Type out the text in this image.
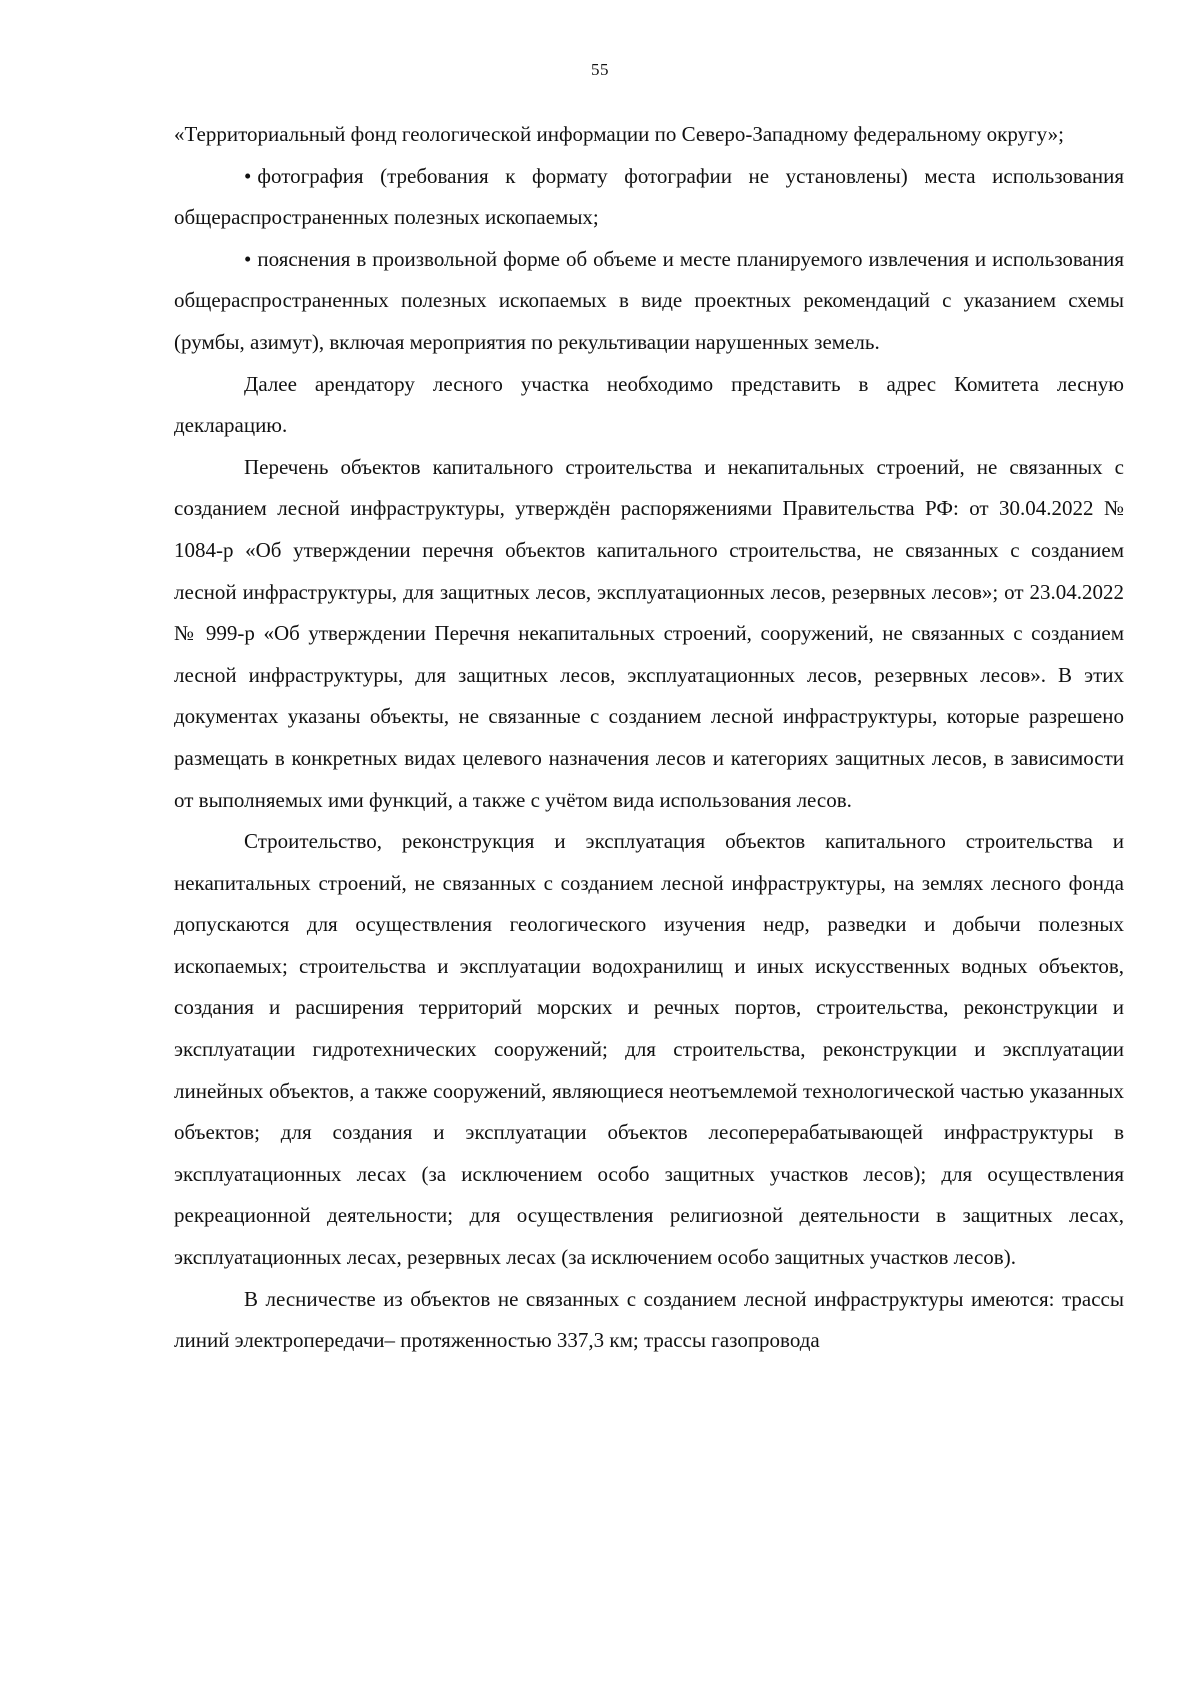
55

«Территориальный фонд геологической информации по Северо-Западному федеральному округу»;

• фотография (требования к формату фотографии не установлены) места использования общераспространенных полезных ископаемых;

• пояснения в произвольной форме об объеме и месте планируемого извлечения и использования общераспространенных полезных ископаемых в виде проектных рекомендаций с указанием схемы (румбы, азимут), включая мероприятия по рекультивации нарушенных земель.

Далее арендатору лесного участка необходимо представить в адрес Комитета лесную декларацию.

Перечень объектов капитального строительства и некапитальных строений, не связанных с созданием лесной инфраструктуры, утверждён распоряжениями Правительства РФ: от 30.04.2022 № 1084-р «Об утверждении перечня объектов капитального строительства, не связанных с созданием лесной инфраструктуры, для защитных лесов, эксплуатационных лесов, резервных лесов»; от 23.04.2022 № 999-р «Об утверждении Перечня некапитальных строений, сооружений, не связанных с созданием лесной инфраструктуры, для защитных лесов, эксплуатационных лесов, резервных лесов». В этих документах указаны объекты, не связанные с созданием лесной инфраструктуры, которые разрешено размещать в конкретных видах целевого назначения лесов и категориях защитных лесов, в зависимости от выполняемых ими функций, а также с учётом вида использования лесов.

Строительство, реконструкция и эксплуатация объектов капитального строительства и некапитальных строений, не связанных с созданием лесной инфраструктуры, на землях лесного фонда допускаются для осуществления геологического изучения недр, разведки и добычи полезных ископаемых; строительства и эксплуатации водохранилищ и иных искусственных водных объектов, создания и расширения территорий морских и речных портов, строительства, реконструкции и эксплуатации гидротехнических сооружений; для строительства, реконструкции и эксплуатации линейных объектов, а также сооружений, являющиеся неотъемлемой технологической частью указанных объектов; для создания и эксплуатации объектов лесоперерабатывающей инфраструктуры в эксплуатационных лесах (за исключением особо защитных участков лесов); для осуществления рекреационной деятельности; для осуществления религиозной деятельности в защитных лесах, эксплуатационных лесах, резервных лесах (за исключением особо защитных участков лесов).

В лесничестве из объектов не связанных с созданием лесной инфраструктуры имеются: трассы линий электропередачи– протяженностью 337,3 км; трассы газопровода
